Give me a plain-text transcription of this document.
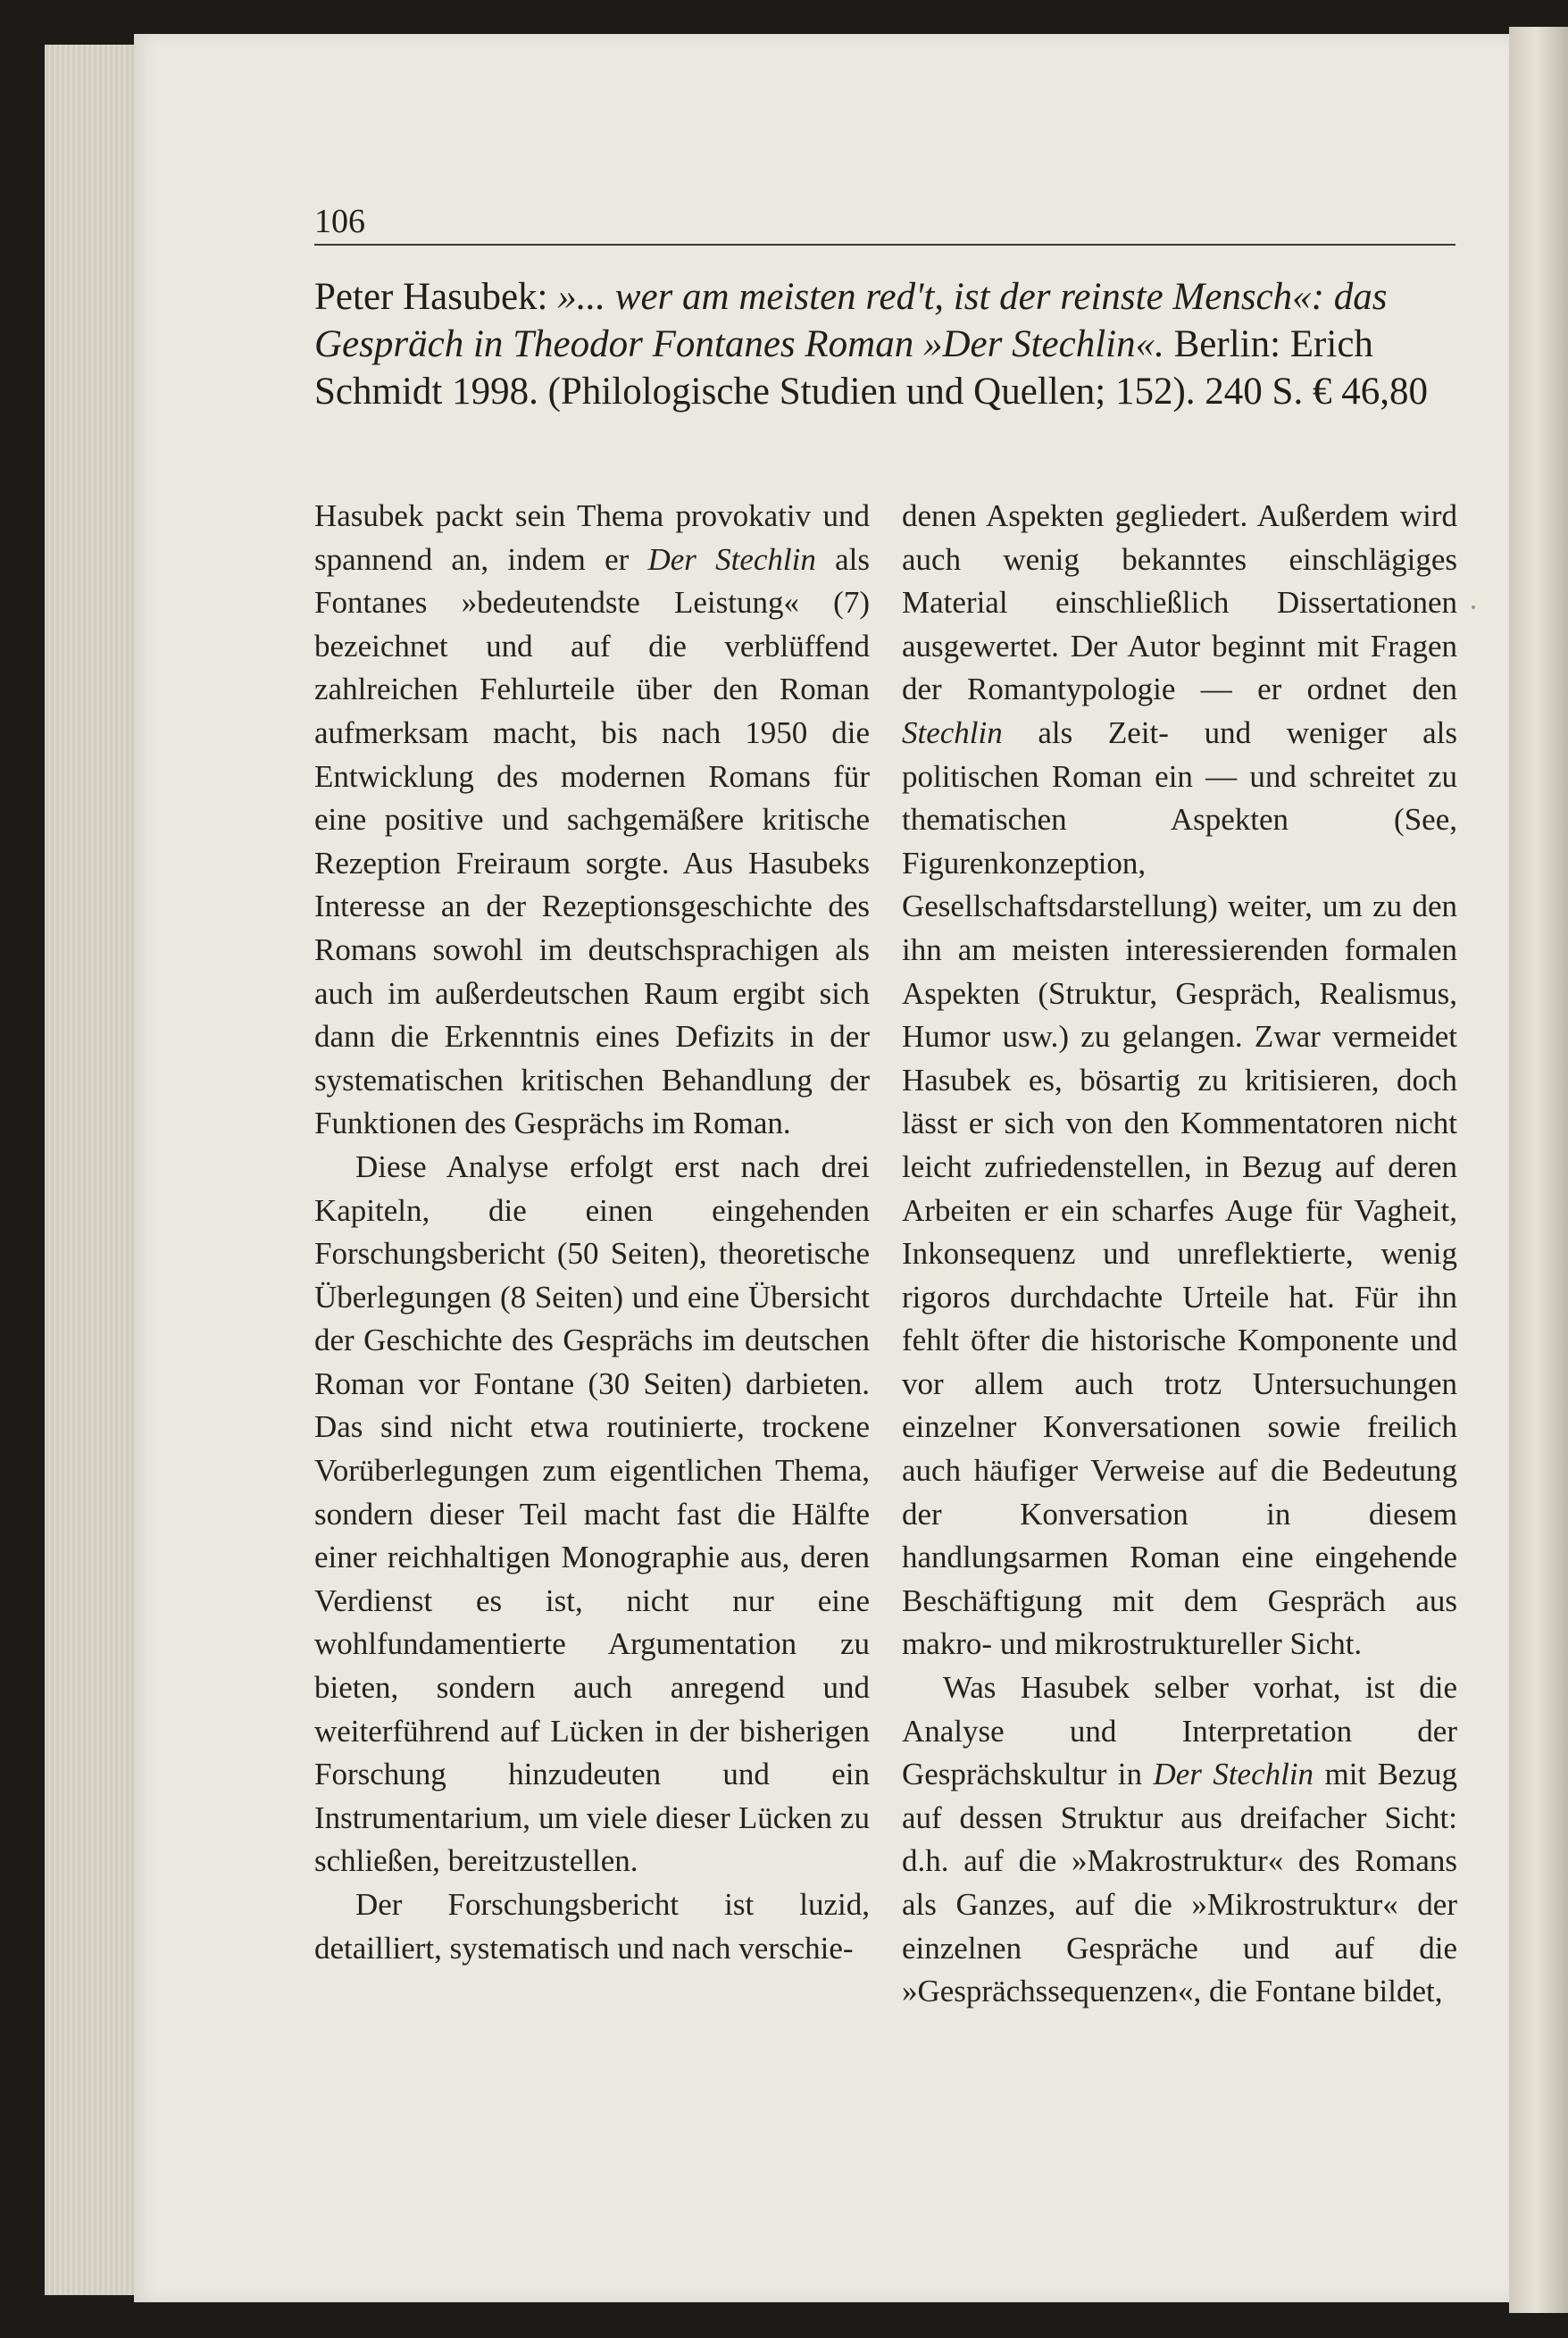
106
Peter Hasubek: »... wer am meisten red't, ist der reinste Mensch«: das Gespräch in Theodor Fontanes Roman »Der Stechlin«. Berlin: Erich Schmidt 1998. (Philologische Studien und Quellen; 152). 240 S. € 46,80

Hasubek packt sein Thema provokativ und spannend an, indem er Der Stechlin als Fontanes »bedeutendste Leistung« (7) bezeichnet und auf die verblüffend zahlreichen Fehlurteile über den Roman aufmerksam macht, bis nach 1950 die Entwicklung des modernen Romans für eine positive und sachgemäßere kritische Rezeption Freiraum sorgte. Aus Hasubeks Interesse an der Rezeptionsgeschichte des Romans sowohl im deutschsprachigen als auch im außerdeutschen Raum ergibt sich dann die Erkenntnis eines Defizits in der systematischen kritischen Behandlung der Funktionen des Gesprächs im Roman.

Diese Analyse erfolgt erst nach drei Kapiteln, die einen eingehenden Forschungsbericht (50 Seiten), theoretische Überlegungen (8 Seiten) und eine Übersicht der Geschichte des Gesprächs im deutschen Roman vor Fontane (30 Seiten) darbieten. Das sind nicht etwa routinierte, trockene Vorüberlegungen zum eigentlichen Thema, sondern dieser Teil macht fast die Hälfte einer reichhaltigen Monographie aus, deren Verdienst es ist, nicht nur eine wohlfundamentierte Argumentation zu bieten, sondern auch anregend und weiterführend auf Lücken in der bisherigen Forschung hinzudeuten und ein Instrumentarium, um viele dieser Lücken zu schließen, bereitzustellen.

Der Forschungsbericht ist luzid, detailliert, systematisch und nach verschie-

denen Aspekten gegliedert. Außerdem wird auch wenig bekanntes einschlägiges Material einschließlich Dissertationen ausgewertet. Der Autor beginnt mit Fragen der Romantypologie — er ordnet den Stechlin als Zeit- und weniger als politischen Roman ein — und schreitet zu thematischen Aspekten (See, Figurenkonzeption, Gesellschaftsdarstellung) weiter, um zu den ihn am meisten interessierenden formalen Aspekten (Struktur, Gespräch, Realismus, Humor usw.) zu gelangen. Zwar vermeidet Hasubek es, bösartig zu kritisieren, doch lässt er sich von den Kommentatoren nicht leicht zufriedenstellen, in Bezug auf deren Arbeiten er ein scharfes Auge für Vagheit, Inkonsequenz und unreflektierte, wenig rigoros durchdachte Urteile hat. Für ihn fehlt öfter die historische Komponente und vor allem auch trotz Untersuchungen einzelner Konversationen sowie freilich auch häufiger Verweise auf die Bedeutung der Konversation in diesem handlungsarmen Roman eine eingehende Beschäftigung mit dem Gespräch aus makro- und mikrostruktureller Sicht.

Was Hasubek selber vorhat, ist die Analyse und Interpretation der Gesprächskultur in Der Stechlin mit Bezug auf dessen Struktur aus dreifacher Sicht: d.h. auf die »Makrostruktur« des Romans als Ganzes, auf die »Mikrostruktur« der einzelnen Gespräche und auf die »Gesprächssequenzen«, die Fontane bildet,
